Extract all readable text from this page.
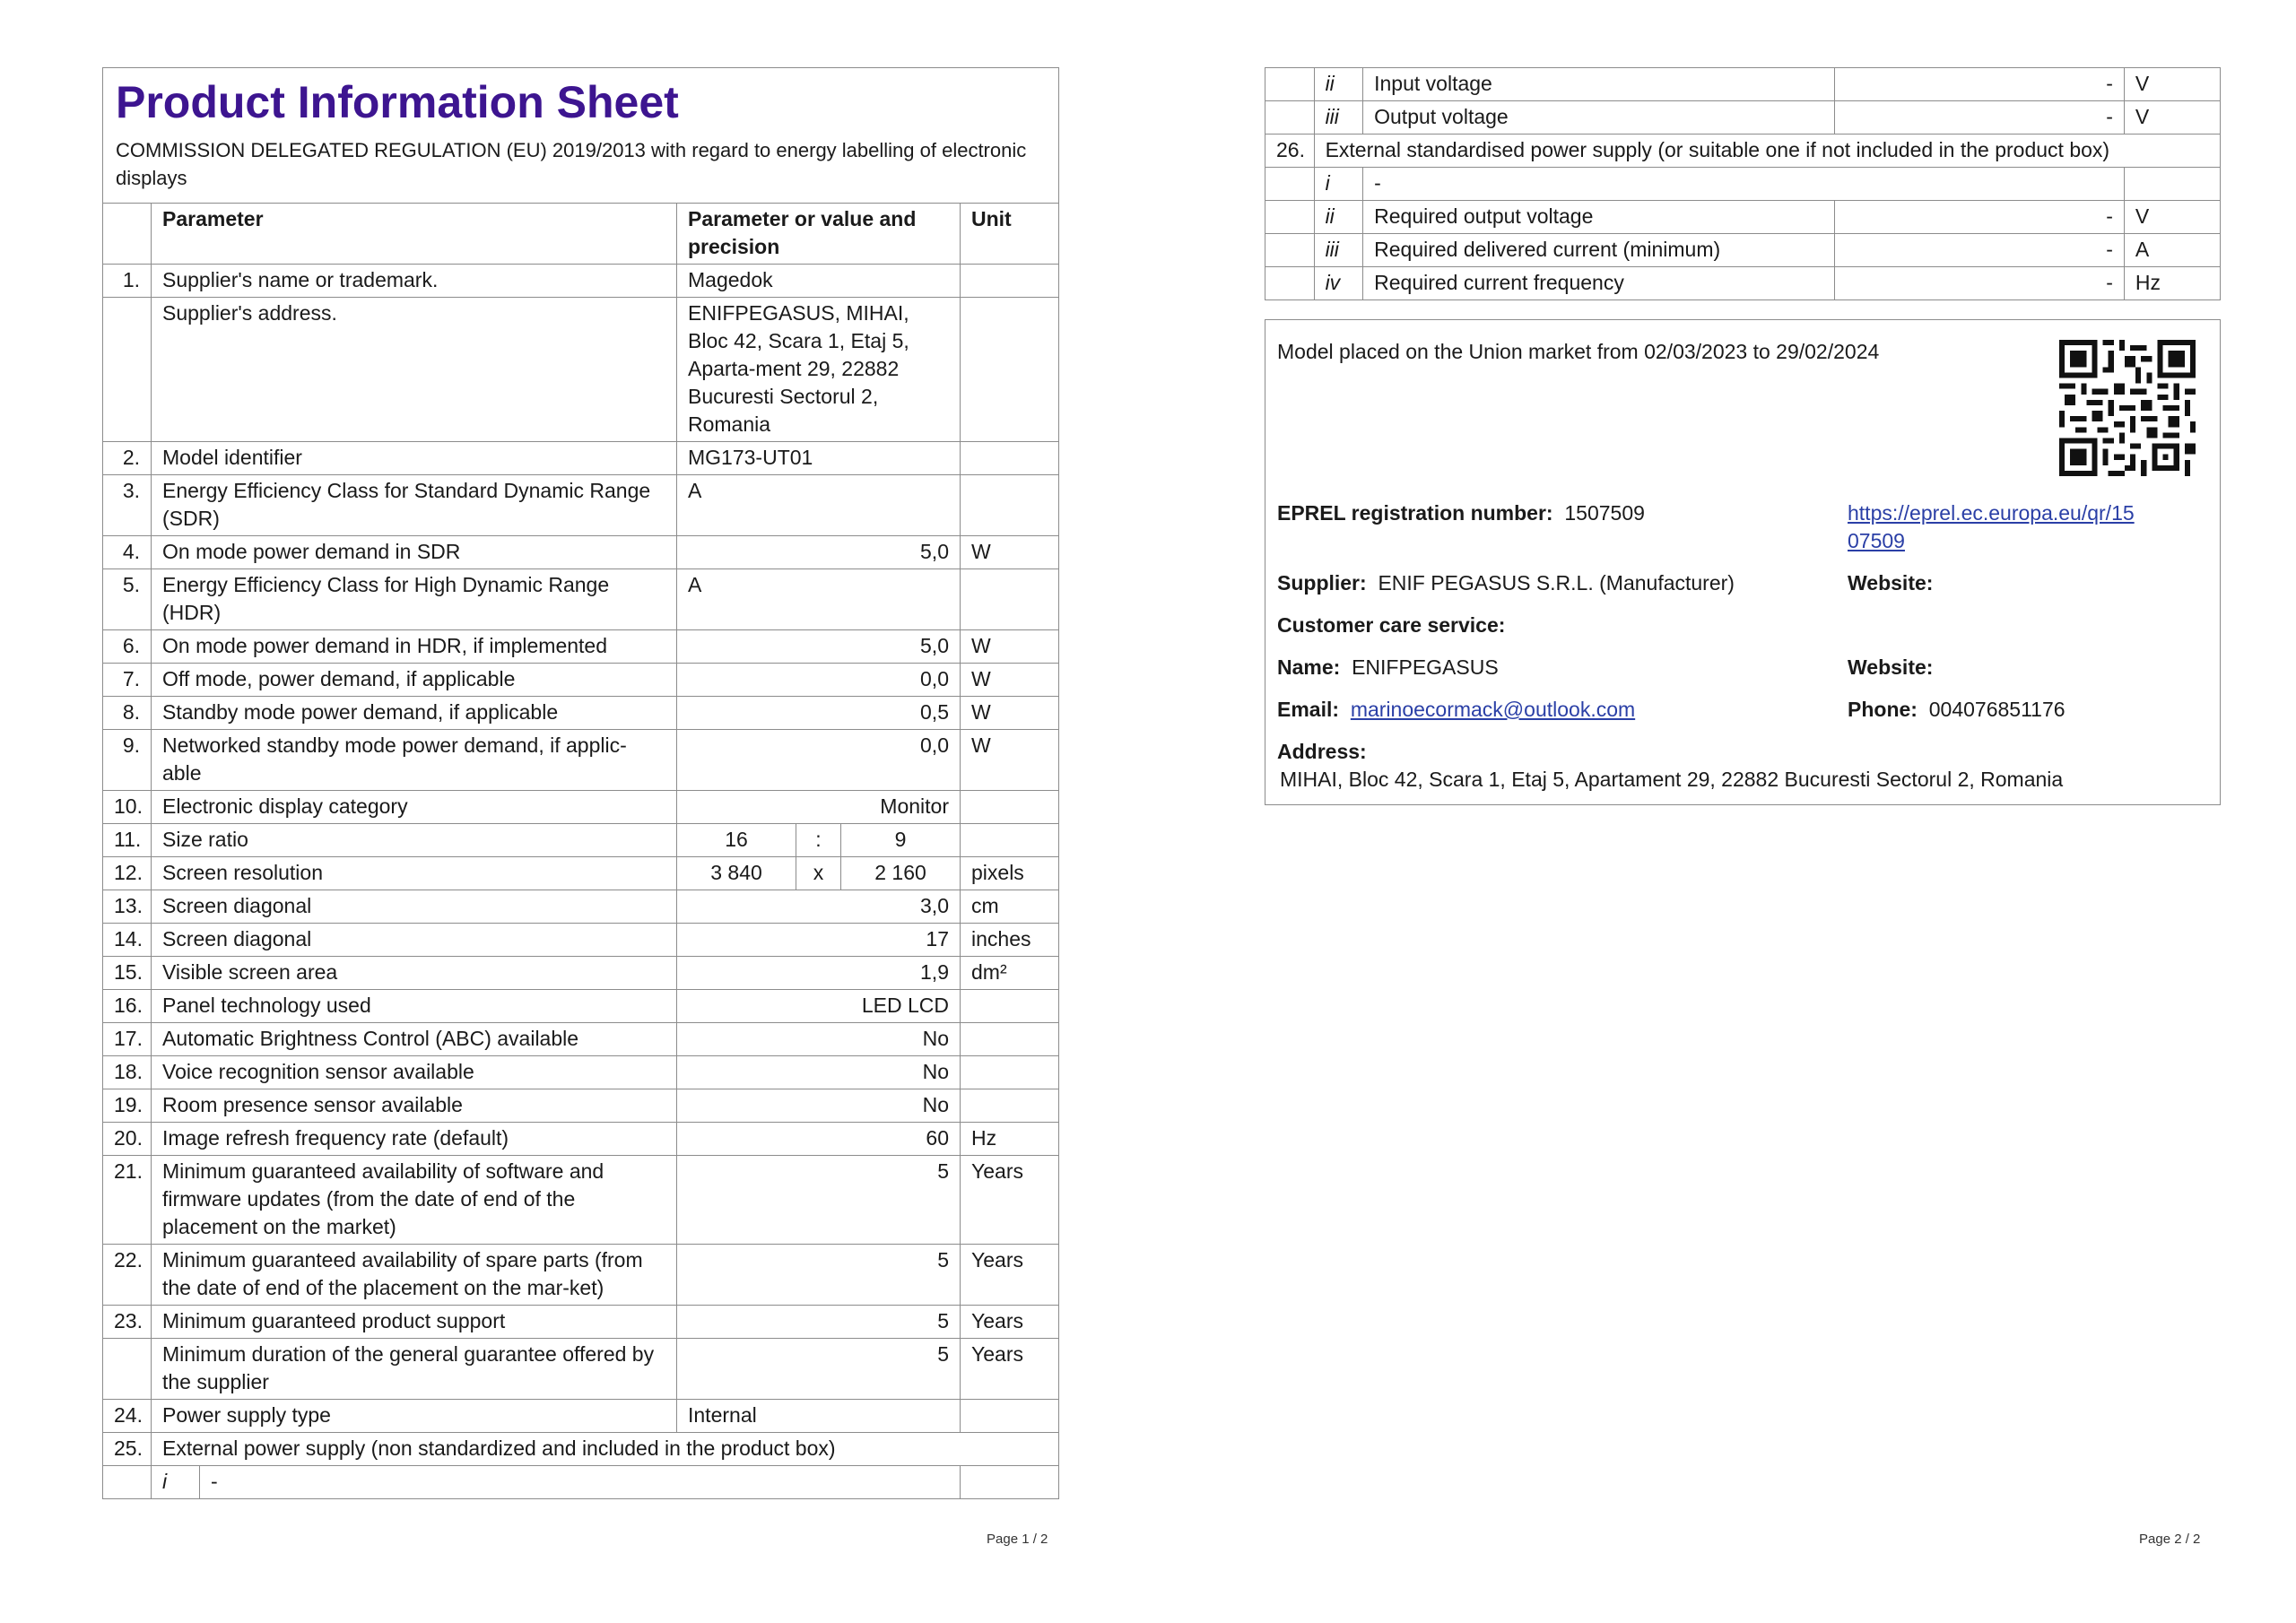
Product Information Sheet
COMMISSION DELEGATED REGULATION (EU) 2019/2013 with regard to energy labelling of electronic displays						

	Parameter		Parameter or value and precision			Unit
1.	Supplier's name or trademark.		Magedok			
	Supplier's address.		ENIFPEGASUS, MIHAI, Bloc 42, Scara 1, Etaj 5, Aparta-ment 29, 22882 Bucuresti Sectorul 2, Romania			
2.	Model identifier		MG173-UT01			
3.	Energy Efficiency Class for Standard Dynamic Range (SDR)		A			
4.	On mode power demand in SDR		5,0			W
5.	Energy Efficiency Class for High Dynamic Range (HDR)		A			
6.	On mode power demand in HDR, if implemented		5,0			W
7.	Off mode, power demand, if applicable		0,0			W
8.	Standby mode power demand, if applicable		0,5			W
9.	Networked standby mode power demand, if applic-able		0,0			W
10.	Electronic display category		Monitor			
11.	Size ratio		16	:	9	
12.	Screen resolution		3 840	x	2 160	pixels
13.	Screen diagonal		3,0			cm
14.	Screen diagonal		17			inches
15.	Visible screen area		1,9			dm²
16.	Panel technology used		LED LCD			
17.	Automatic Brightness Control (ABC) available		No			
18.	Voice recognition sensor available		No			
19.	Room presence sensor available		No			
20.	Image refresh frequency rate (default)		60			Hz
21.	Minimum guaranteed availability of software and firmware updates (from the date of end of the placement on the market)		5			Years
22.	Minimum guaranteed availability of spare parts (from the date of end of the placement on the mar-ket)		5			Years
23.	Minimum guaranteed product support		5			Years
	Minimum duration of the general guarantee offered by the supplier		5			Years
24.	Power supply type		Internal			
25.	External power supply (non standardized and included in the product box)					
	i	-				
Page 1 / 2
	ii	Input voltage	-	V
	iii	Output voltage	-	V
26.	External standardised power supply (or suitable one if not included in the product box)			
	i	-		
	ii	Required output voltage	-	V
	iii	Required delivered current (minimum)	-	A
	iv	Required current frequency	-	Hz
Model placed on the Union market from 02/03/2023 to 29/02/2024
EPREL registration number: 1507509	https://eprel.ec.europa.eu/qr/15
07509
Supplier: ENIF PEGASUS S.R.L. (Manufacturer)	Website:
Customer care service:
Name: ENIFPEGASUS	Website:
Email: marinoecormack@outlook.com	Phone: 004076851176
Address:
MIHAI, Bloc 42, Scara 1, Etaj 5, Apartament 29, 22882 Bucuresti Sectorul 2, Romania
Page 2 / 2
